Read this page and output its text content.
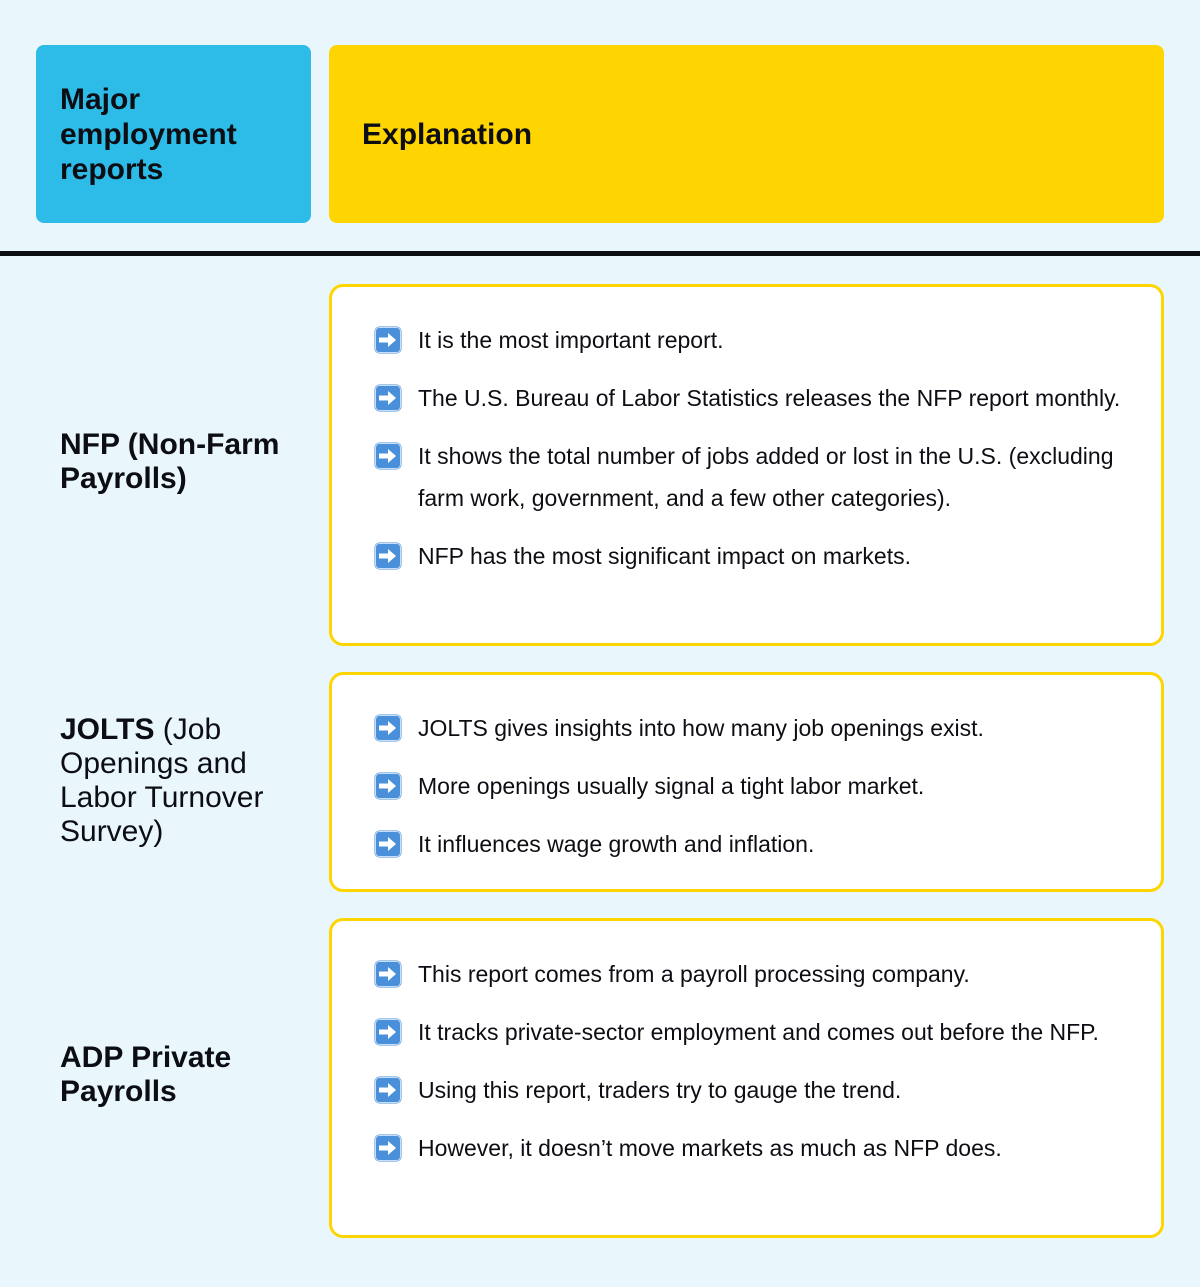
Major
employment
reports
Explanation
NFP (Non-Farm Payrolls)
It is the most important report.
The U.S. Bureau of Labor Statistics releases the NFP report monthly.
It shows the total number of jobs added or lost in the U.S. (excluding farm work, government, and a few other categories).
NFP has the most significant impact on markets.
JOLTS (Job Openings and Labor Turnover Survey)
JOLTS gives insights into how many job openings exist.
More openings usually signal a tight labor market.
It influences wage growth and inflation.
ADP Private Payrolls
This report comes from a payroll processing company.
It tracks private-sector employment and comes out before the NFP.
Using this report, traders try to gauge the trend.
However, it doesn’t move markets as much as NFP does.
